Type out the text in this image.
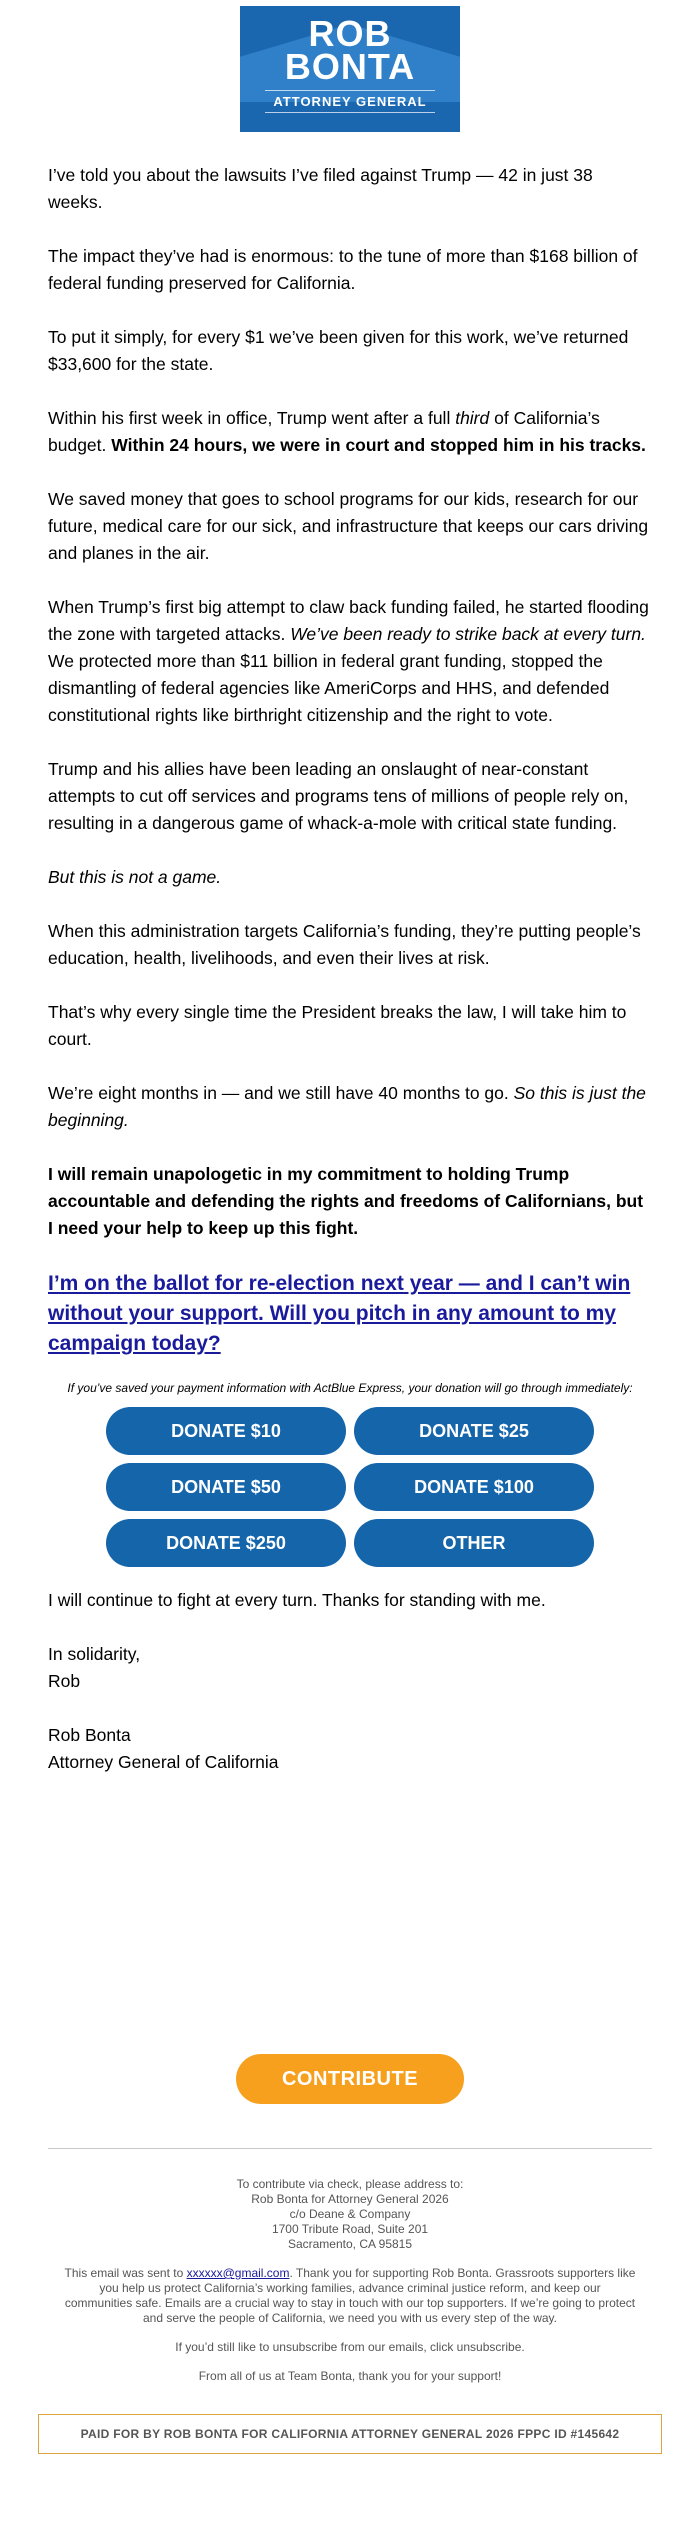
ROB
BONTA
ATTORNEY GENERAL

I’ve told you about the lawsuits I’ve filed against Trump — 42 in just 38 weeks.

The impact they’ve had is enormous: to the tune of more than $168 billion of federal funding preserved for California.

To put it simply, for every $1 we’ve been given for this work, we’ve returned $33,600 for the state.

Within his first week in office, Trump went after a full third of California’s budget. Within 24 hours, we were in court and stopped him in his tracks.

We saved money that goes to school programs for our kids, research for our future, medical care for our sick, and infrastructure that keeps our cars driving and planes in the air.

When Trump’s first big attempt to claw back funding failed, he started flooding the zone with targeted attacks. We’ve been ready to strike back at every turn. We protected more than $11 billion in federal grant funding, stopped the dismantling of federal agencies like AmeriCorps and HHS, and defended constitutional rights like birthright citizenship and the right to vote.

Trump and his allies have been leading an onslaught of near-constant attempts to cut off services and programs tens of millions of people rely on, resulting in a dangerous game of whack-a-mole with critical state funding.

But this is not a game.

When this administration targets California’s funding, they’re putting people’s education, health, livelihoods, and even their lives at risk.

That’s why every single time the President breaks the law, I will take him to court.

We’re eight months in — and we still have 40 months to go. So this is just the beginning.

I will remain unapologetic in my commitment to holding Trump accountable and defending the rights and freedoms of Californians, but I need your help to keep up this fight.

I’m on the ballot for re-election next year — and I can’t win without your support. Will you pitch in any amount to my campaign today?
If you’ve saved your payment information with ActBlue Express, your donation will go through immediately:
DONATE $10	DONATE $25
DONATE $50	DONATE $100
DONATE $250	OTHER

I will continue to fight at every turn. Thanks for standing with me.

In solidarity,
Rob

Rob Bonta
Attorney General of California

CONTRIBUTE
To contribute via check, please address to:
Rob Bonta for Attorney General 2026
c/o Deane & Company
1700 Tribute Road, Suite 201
Sacramento, CA 95815
This email was sent to xxxxxx@gmail.com. Thank you for supporting Rob Bonta. Grassroots supporters like you help us protect California’s working families, advance criminal justice reform, and keep our communities safe. Emails are a crucial way to stay in touch with our top supporters. If we’re going to protect and serve the people of California, we need you with us every step of the way.
If you’d still like to unsubscribe from our emails, click unsubscribe.
From all of us at Team Bonta, thank you for your support!
PAID FOR BY ROB BONTA FOR CALIFORNIA ATTORNEY GENERAL 2026 FPPC ID #145642
